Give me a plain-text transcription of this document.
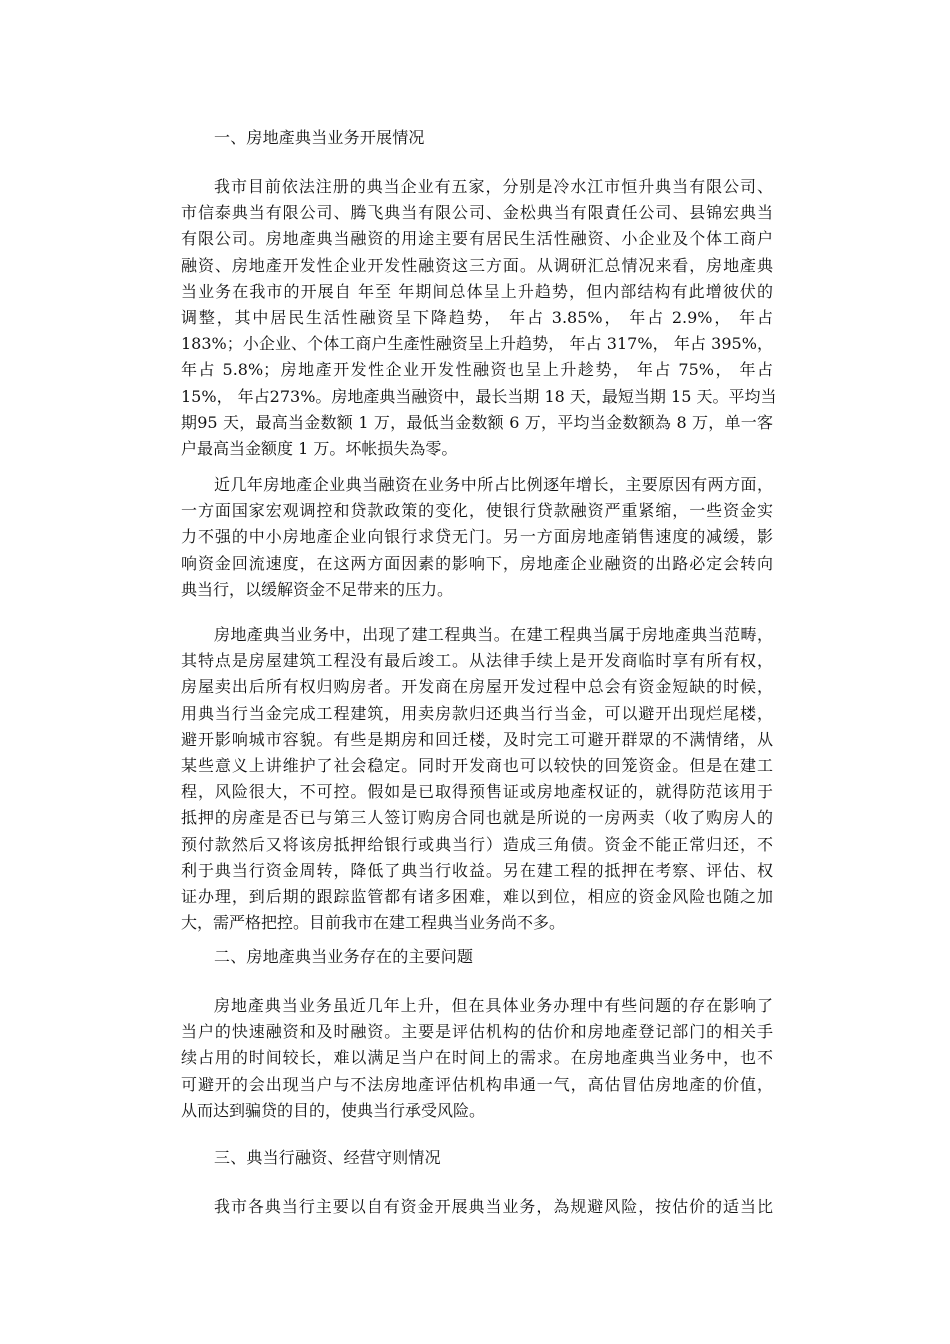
一、房地產典当业务开展情况
我市目前依法注册的典当企业有五家，分别是冷水江市恒升典当有限公司、
市信泰典当有限公司、腾飞典当有限公司、金松典当有限責任公司、县锦宏典当
有限公司。房地產典当融资的用途主要有居民生活性融资、小企业及个体工商户
融资、房地產开发性企业开发性融资这三方面。从调研汇总情况来看，房地產典
当业务在我市的开展自 年至 年期间总体呈上升趋势，但内部结构有此增彼伏的
调整，其中居民生活性融资呈下降趋势， 年占 3.85%， 年占 2.9%， 年占
183%；小企业、个体工商户生產性融资呈上升趋势， 年占 317%， 年占 395%，
年占 5.8%；房地產开发性企业开发性融资也呈上升趁势， 年占 75%， 年占
15%， 年占273%。房地產典当融资中，最长当期 18 天，最短当期 15 天。平均当
期95 天，最高当金数额 1 万，最低当金数额 6 万，平均当金数额為 8 万，单一客
户最高当金额度 1 万。坏帐损失為零。
近几年房地產企业典当融资在业务中所占比例逐年增长，主要原因有两方面，
一方面国家宏观调控和贷款政策的变化，使银行贷款融资严重紧缩，一些资金实
力不强的中小房地產企业向银行求贷无门。另一方面房地產销售速度的减缓，影
响资金回流速度，在这两方面因素的影响下，房地產企业融资的出路必定会转向
典当行，以缓解资金不足带来的压力。
房地產典当业务中，出现了建工程典当。在建工程典当属于房地產典当范畴，
其特点是房屋建筑工程没有最后竣工。从法律手续上是开发商临时享有所有权，
房屋卖出后所有权归购房者。开发商在房屋开发过程中总会有资金短缺的时候，
用典当行当金完成工程建筑，用卖房款归还典当行当金，可以避开出现烂尾楼，
避开影响城市容貌。有些是期房和回迁楼，及时完工可避开群眾的不满情绪，从
某些意义上讲维护了社会稳定。同时开发商也可以较快的回笼资金。但是在建工
程，风险很大，不可控。假如是已取得预售证或房地產权证的，就得防范该用于
抵押的房產是否已与第三人签订购房合同也就是所说的一房两卖（收了购房人的
预付款然后又将该房抵押给银行或典当行）造成三角债。资金不能正常归还，不
利于典当行资金周转，降低了典当行收益。另在建工程的抵押在考察、评估、权
证办理，到后期的跟踪监管都有诸多困难，难以到位，相应的资金风险也随之加
大，需严格把控。目前我市在建工程典当业务尚不多。
二、房地產典当业务存在的主要问题
房地產典当业务虽近几年上升，但在具体业务办理中有些问题的存在影响了
当户的快速融资和及时融资。主要是评估机构的估价和房地產登记部门的相关手
续占用的时间较长，难以满足当户在时间上的需求。在房地產典当业务中，也不
可避开的会出现当户与不法房地產评估机构串通一气，高估冒估房地產的价值，
从而达到骗贷的目的，使典当行承受风险。
三、典当行融资、经营守则情况
我市各典当行主要以自有资金开展典当业务，為规避风险，按估价的适当比
